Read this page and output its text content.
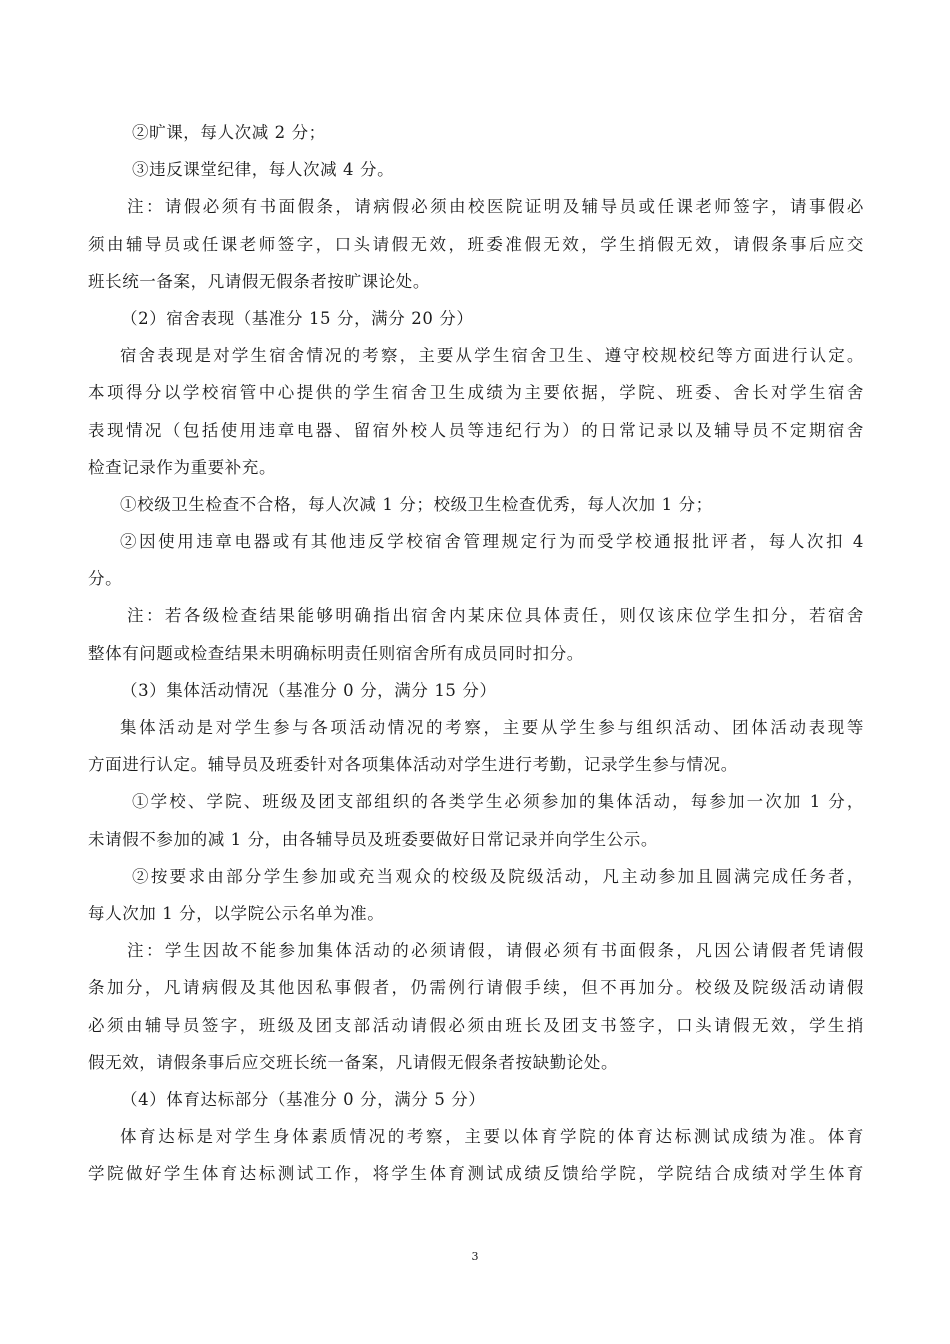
②旷课，每人次减 2 分；
③违反课堂纪律，每人次减 4 分。
注：请假必须有书面假条，请病假必须由校医院证明及辅导员或任课老师签字，请事假必
须由辅导员或任课老师签字，口头请假无效，班委准假无效，学生捎假无效，请假条事后应交
班长统一备案，凡请假无假条者按旷课论处。
（2）宿舍表现（基准分 15 分，满分 20 分）
宿舍表现是对学生宿舍情况的考察，主要从学生宿舍卫生、遵守校规校纪等方面进行认定。
本项得分以学校宿管中心提供的学生宿舍卫生成绩为主要依据，学院、班委、舍长对学生宿舍
表现情况（包括使用违章电器、留宿外校人员等违纪行为）的日常记录以及辅导员不定期宿舍
检查记录作为重要补充。
①校级卫生检查不合格，每人次减 1 分；校级卫生检查优秀，每人次加 1 分；
②因使用违章电器或有其他违反学校宿舍管理规定行为而受学校通报批评者，每人次扣 4
分。
注：若各级检查结果能够明确指出宿舍内某床位具体责任，则仅该床位学生扣分，若宿舍
整体有问题或检查结果未明确标明责任则宿舍所有成员同时扣分。
（3）集体活动情况（基准分 0 分，满分 15 分）
集体活动是对学生参与各项活动情况的考察，主要从学生参与组织活动、团体活动表现等
方面进行认定。辅导员及班委针对各项集体活动对学生进行考勤，记录学生参与情况。
①学校、学院、班级及团支部组织的各类学生必须参加的集体活动，每参加一次加 1 分，
未请假不参加的减 1 分，由各辅导员及班委要做好日常记录并向学生公示。
②按要求由部分学生参加或充当观众的校级及院级活动，凡主动参加且圆满完成任务者，
每人次加 1 分，以学院公示名单为准。
注：学生因故不能参加集体活动的必须请假，请假必须有书面假条，凡因公请假者凭请假
条加分，凡请病假及其他因私事假者，仍需例行请假手续，但不再加分。校级及院级活动请假
必须由辅导员签字，班级及团支部活动请假必须由班长及团支书签字，口头请假无效，学生捎
假无效，请假条事后应交班长统一备案，凡请假无假条者按缺勤论处。
（4）体育达标部分（基准分 0 分，满分 5 分）
体育达标是对学生身体素质情况的考察，主要以体育学院的体育达标测试成绩为准。体育
学院做好学生体育达标测试工作，将学生体育测试成绩反馈给学院，学院结合成绩对学生体育
3
